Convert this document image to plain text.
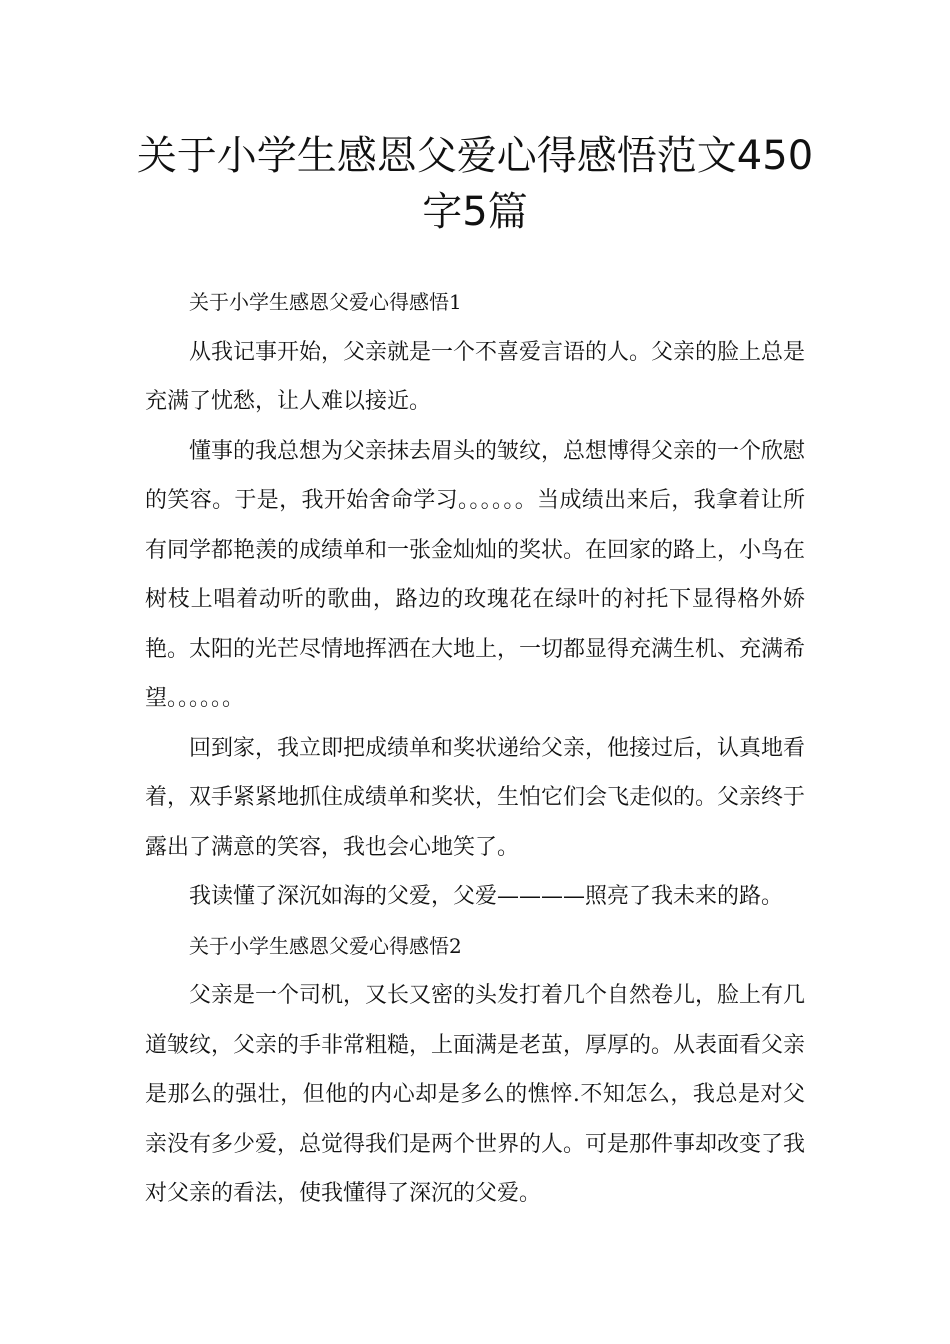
关于小学生感恩父爱心得感悟范文450字5篇

关于小学生感恩父爱心得感悟1

从我记事开始，父亲就是一个不喜爱言语的人。父亲的脸上总是充满了忧愁，让人难以接近。

懂事的我总想为父亲抹去眉头的皱纹，总想博得父亲的一个欣慰的笑容。于是，我开始舍命学习。。。。。。当成绩出来后，我拿着让所有同学都艳羡的成绩单和一张金灿灿的奖状。在回家的路上，小鸟在树枝上唱着动听的歌曲，路边的玫瑰花在绿叶的衬托下显得格外娇艳。太阳的光芒尽情地挥洒在大地上，一切都显得充满生机、充满希望。。。。。。

回到家，我立即把成绩单和奖状递给父亲，他接过后，认真地看着，双手紧紧地抓住成绩单和奖状，生怕它们会飞走似的。父亲终于露出了满意的笑容，我也会心地笑了。

我读懂了深沉如海的父爱，父爱————照亮了我未来的路。

关于小学生感恩父爱心得感悟2

父亲是一个司机，又长又密的头发打着几个自然卷儿，脸上有几道皱纹，父亲的手非常粗糙，上面满是老茧，厚厚的。从表面看父亲是那么的强壮，但他的内心却是多么的憔悴.不知怎么，我总是对父亲没有多少爱，总觉得我们是两个世界的人。可是那件事却改变了我对父亲的看法，使我懂得了深沉的父爱。
